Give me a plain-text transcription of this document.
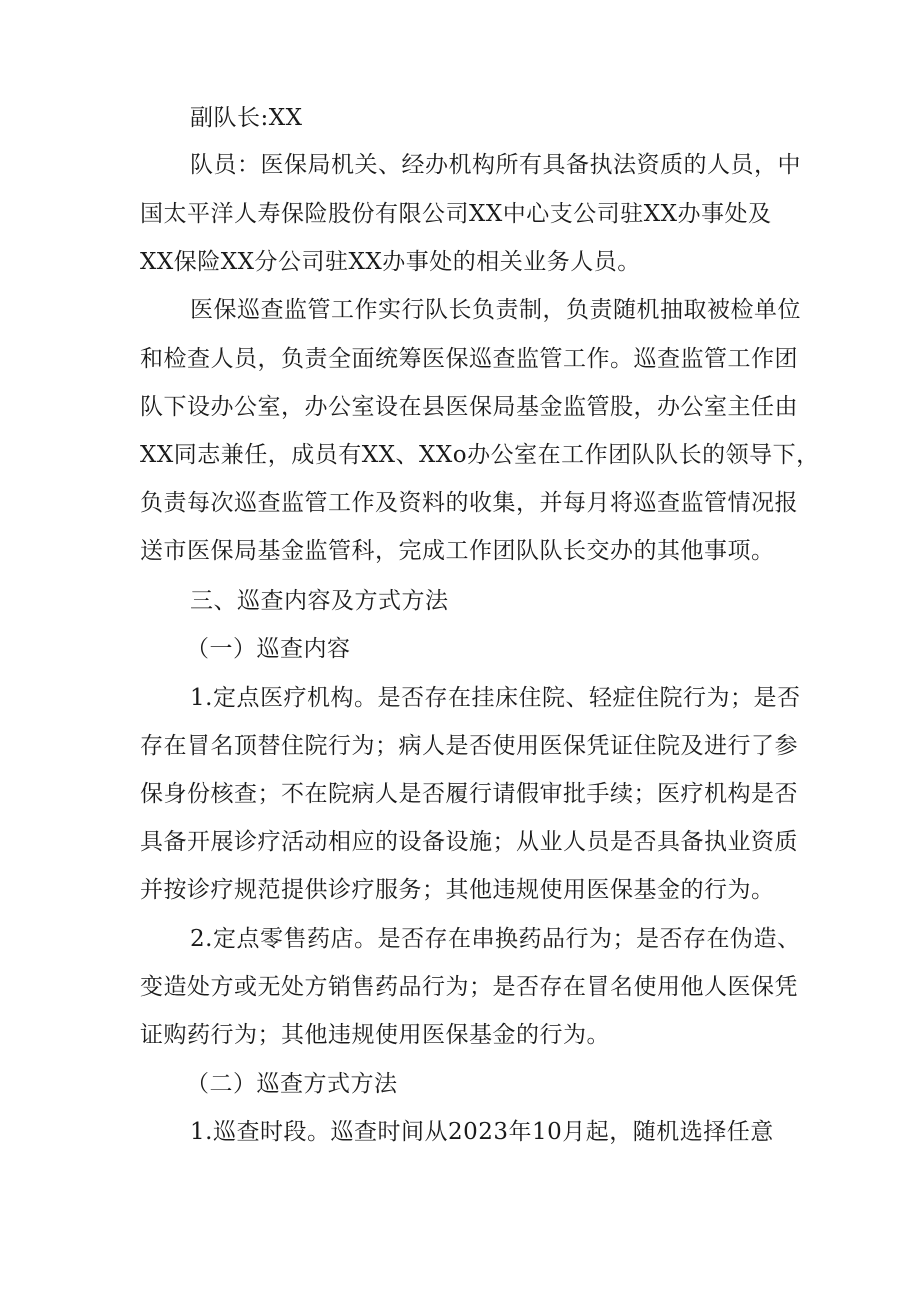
副队长:XX
队员：医保局机关、经办机构所有具备执法资质的人员，中
国太平洋人寿保险股份有限公司XX中心支公司驻XX办事处及
XX保险XX分公司驻XX办事处的相关业务人员。
医保巡查监管工作实行队长负责制，负责随机抽取被检单位
和检查人员，负责全面统筹医保巡查监管工作。巡查监管工作团
队下设办公室，办公室设在县医保局基金监管股，办公室主任由
XX同志兼任，成员有XX、XXo办公室在工作团队队长的领导下，
负责每次巡查监管工作及资料的收集，并每月将巡查监管情况报
送市医保局基金监管科，完成工作团队队长交办的其他事项。
三、巡查内容及方式方法
（一）巡查内容
1.定点医疗机构。是否存在挂床住院、轻症住院行为；是否
存在冒名顶替住院行为；病人是否使用医保凭证住院及进行了参
保身份核查；不在院病人是否履行请假审批手续；医疗机构是否
具备开展诊疗活动相应的设备设施；从业人员是否具备执业资质
并按诊疗规范提供诊疗服务；其他违规使用医保基金的行为。
2.定点零售药店。是否存在串换药品行为；是否存在伪造、
变造处方或无处方销售药品行为；是否存在冒名使用他人医保凭
证购药行为；其他违规使用医保基金的行为。
（二）巡查方式方法
1.巡查时段。巡查时间从2023年10月起，随机选择任意
